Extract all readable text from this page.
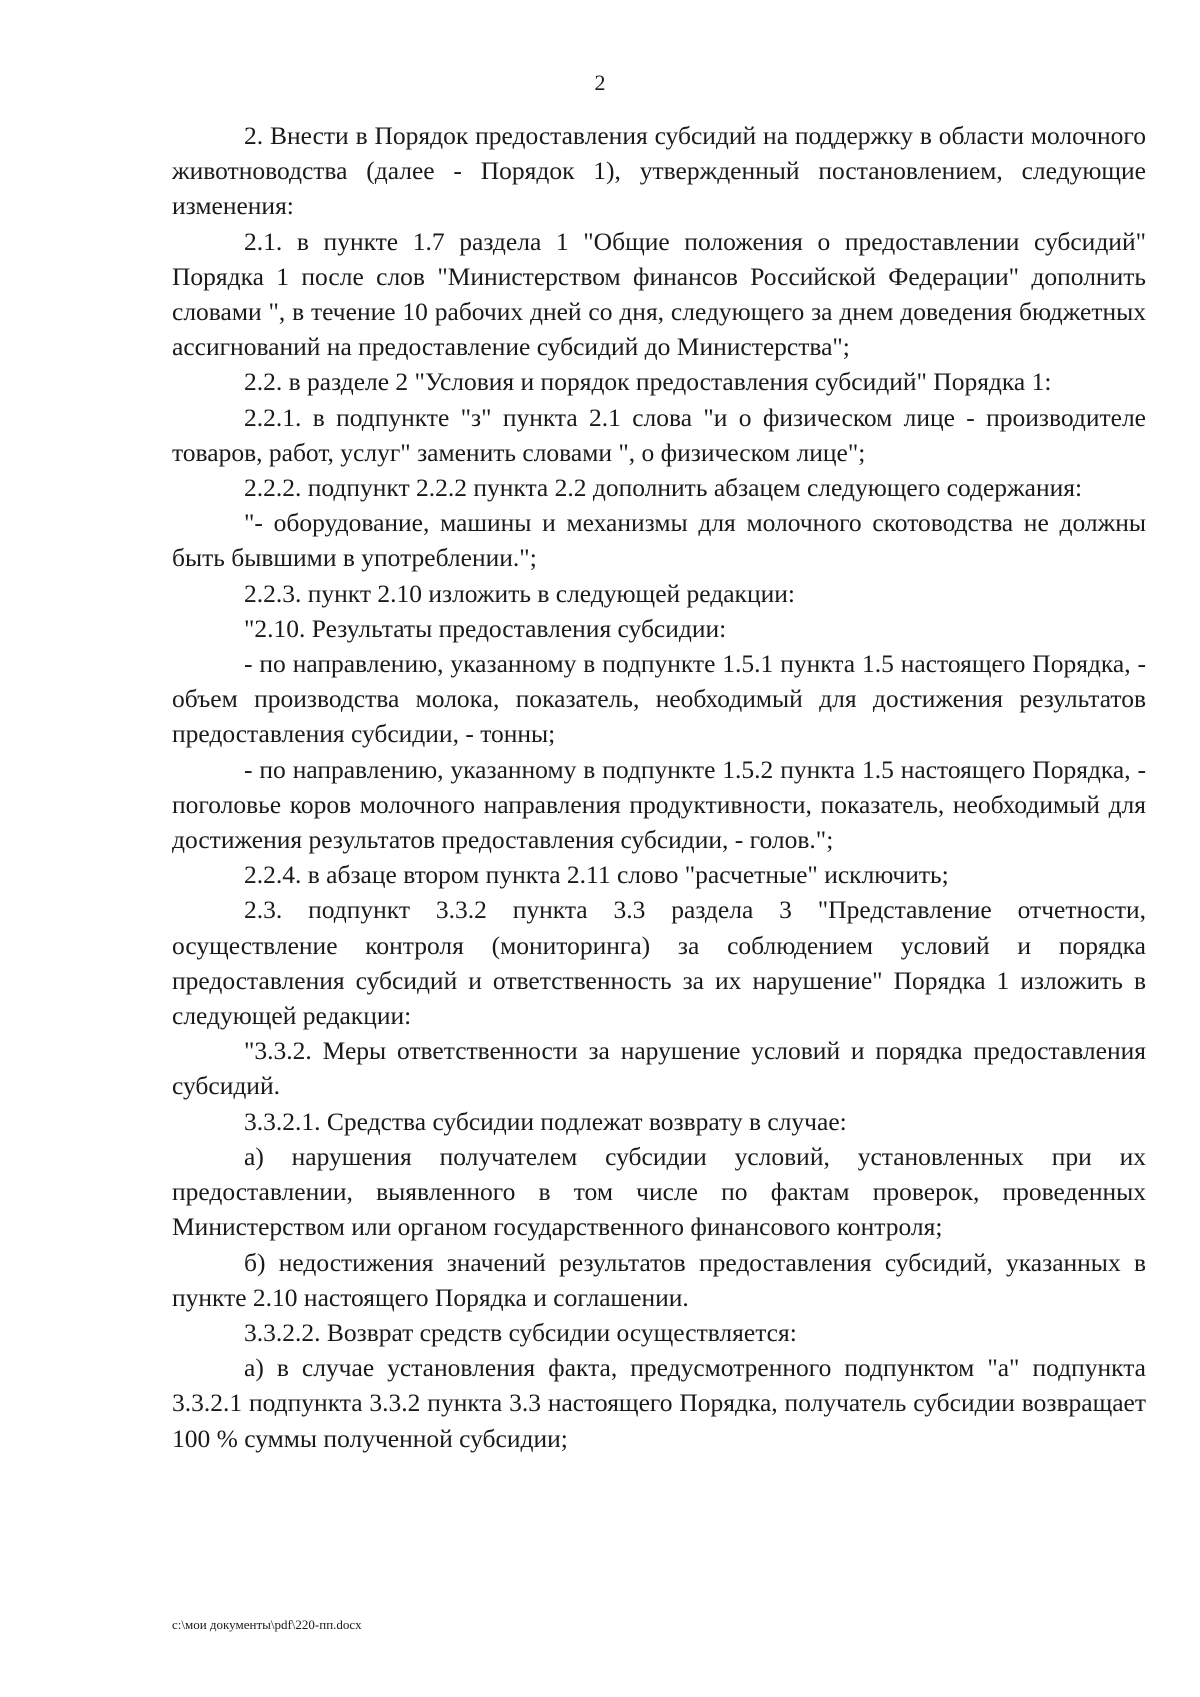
2

2. Внести в Порядок предоставления субсидий на поддержку в области молочного животноводства (далее - Порядок 1), утвержденный постановлением, следующие изменения:

2.1. в пункте 1.7 раздела 1 "Общие положения о предоставлении субсидий" Порядка 1 после слов "Министерством финансов Российской Федерации" дополнить словами ", в течение 10 рабочих дней со дня, следующего за днем доведения бюджетных ассигнований на предоставление субсидий до Министерства";

2.2. в разделе 2 "Условия и порядок предоставления субсидий" Порядка 1:

2.2.1. в подпункте "з" пункта 2.1 слова "и о физическом лице - производителе товаров, работ, услуг" заменить словами ", о физическом лице";

2.2.2. подпункт 2.2.2 пункта 2.2 дополнить абзацем следующего содержания:

"- оборудование, машины и механизмы для молочного скотоводства не должны быть бывшими в употреблении.";

2.2.3. пункт 2.10 изложить в следующей редакции:

"2.10. Результаты предоставления субсидии:

- по направлению, указанному в подпункте 1.5.1 пункта 1.5 настоящего Порядка, - объем производства молока, показатель, необходимый для достижения результатов предоставления субсидии, - тонны;

- по направлению, указанному в подпункте 1.5.2 пункта 1.5 настоящего Порядка, - поголовье коров молочного направления продуктивности, показатель, необходимый для достижения результатов предоставления субсидии, - голов.";

2.2.4. в абзаце втором пункта 2.11 слово "расчетные" исключить;

2.3. подпункт 3.3.2 пункта 3.3 раздела 3 "Представление отчетности, осуществление контроля (мониторинга) за соблюдением условий и порядка предоставления субсидий и ответственность за их нарушение" Порядка 1 изложить в следующей редакции:

"3.3.2. Меры ответственности за нарушение условий и порядка предоставления субсидий.

3.3.2.1. Средства субсидии подлежат возврату в случае:

а) нарушения получателем субсидии условий, установленных при их предоставлении, выявленного в том числе по фактам проверок, проведенных Министерством или органом государственного финансового контроля;

б) недостижения значений результатов предоставления субсидий, указанных в пункте 2.10 настоящего Порядка и соглашении.

3.3.2.2. Возврат средств субсидии осуществляется:

а) в случае установления факта, предусмотренного подпунктом "а" подпункта 3.3.2.1 подпункта 3.3.2 пункта 3.3 настоящего Порядка, получатель субсидии возвращает 100 % суммы полученной субсидии;

c:\мои документы\pdf\220-пп.docx
